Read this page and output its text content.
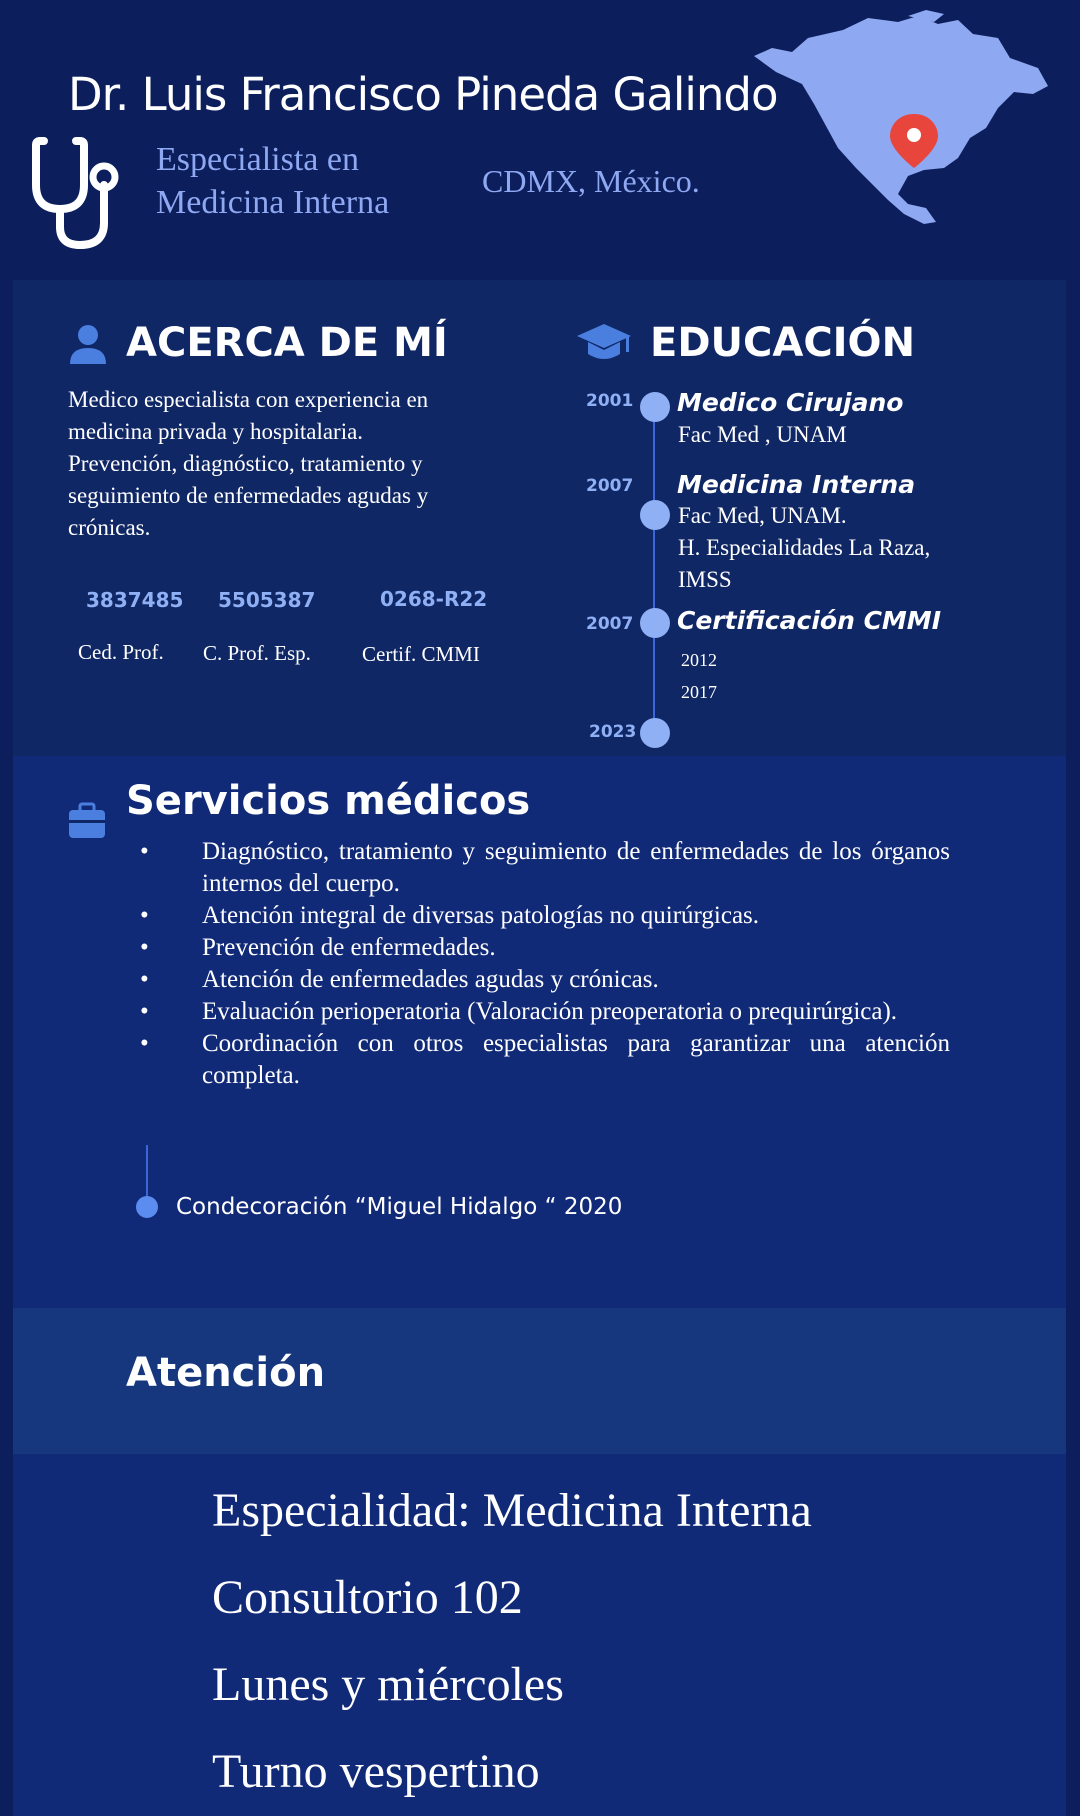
Dr. Luis Francisco Pineda Galindo
Especialista en Medicina Interna
CDMX, México.
ACERCA DE MÍ
Medico especialista con experiencia en medicina privada y hospitalaria. Prevención, diagnóstico, tratamiento y seguimiento de enfermedades agudas y crónicas.
3837485 5505387	0268-R22
Ced. Prof. C. Prof. Esp. Certif. CMMI
EDUCACIÓN
2001
2007
2007
2023
Medico Cirujano
Fac Med , UNAM
Medicina Interna
Fac Med, UNAM.
H. Especialidades La Raza,
IMSS
Certificación CMMI
2012
2017
Servicios médicos
• Diagnóstico, tratamiento y seguimiento de enfermedades de los órganos internos del cuerpo.
• Atención integral de diversas patologías no quirúrgicas.
• Prevención de enfermedades.
• Atención de enfermedades agudas y crónicas.
• Evaluación perioperatoria (Valoración preoperatoria o prequirúrgica).
• Coordinación con otros especialistas para garantizar una atención completa.
Condecoración “Miguel Hidalgo “ 2020
Atención
Especialidad: Medicina Interna
Consultorio 102
Lunes y miércoles
Turno vespertino
